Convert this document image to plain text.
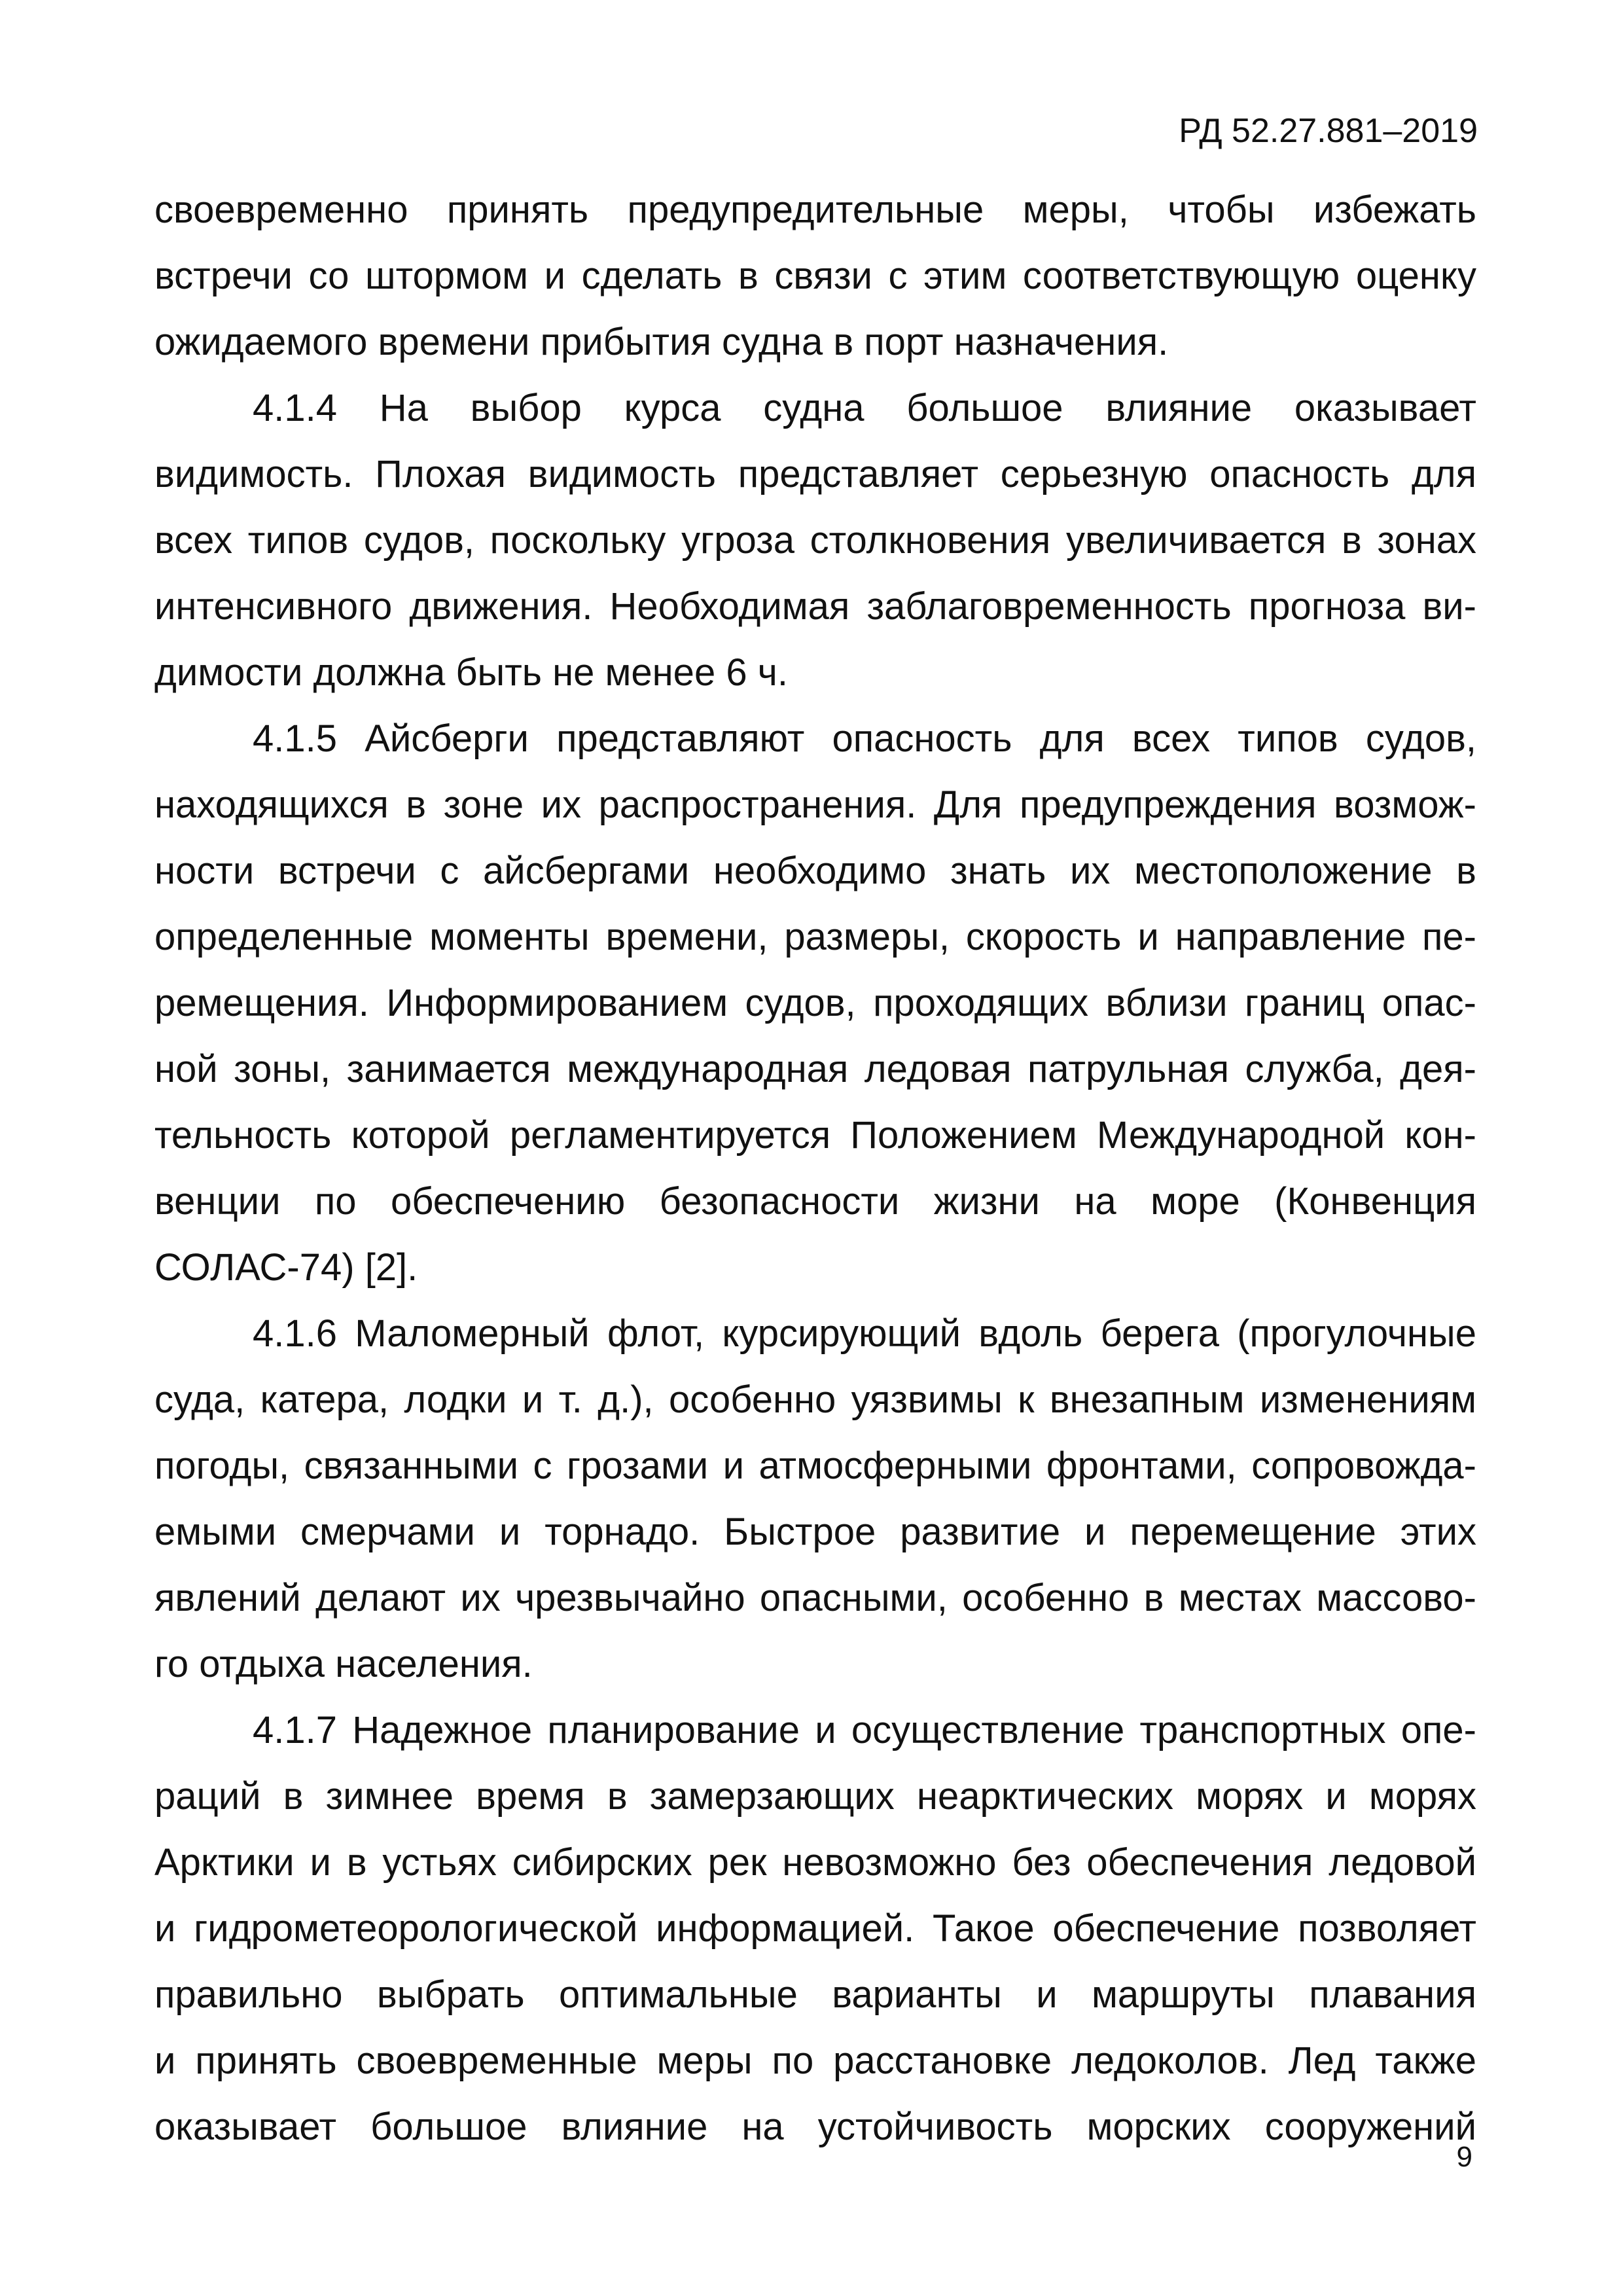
РД 52.27.881–2019
своевременно принять предупредительные меры, чтобы избежать
встречи со штормом и сделать в связи с этим соответствующую оценку
ожидаемого времени прибытия судна в порт назначения.
4.1.4 На выбор курса судна большое влияние оказывает
видимость. Плохая видимость представляет серьезную опасность для
всех типов судов, поскольку угроза столкновения увеличивается в зонах
интенсивного движения. Необходимая заблаговременность прогноза ви-
димости должна быть не менее 6 ч.
4.1.5 Айсберги представляют опасность для всех типов судов,
находящихся в зоне их распространения. Для предупреждения возмож-
ности встречи с айсбергами необходимо знать их местоположение в
определенные моменты времени, размеры, скорость и направление пе-
ремещения. Информированием судов, проходящих вблизи границ опас-
ной зоны, занимается международная ледовая патрульная служба, дея-
тельность которой регламентируется Положением Международной кон-
венции по обеспечению безопасности жизни на море (Конвенция
СОЛАС-74) [2].
4.1.6 Маломерный флот, курсирующий вдоль берега (прогулочные
суда, катера, лодки и т. д.), особенно уязвимы к внезапным изменениям
погоды, связанными с грозами и атмосферными фронтами, сопровожда-
емыми смерчами и торнадо. Быстрое развитие и перемещение этих
явлений делают их чрезвычайно опасными, особенно в местах массово-
го отдыха населения.
4.1.7 Надежное планирование и осуществление транспортных опе-
раций в зимнее время в замерзающих неарктических морях и морях
Арктики и в устьях сибирских рек невозможно без обеспечения ледовой
и гидрометеорологической информацией. Такое обеспечение позволяет
правильно выбрать оптимальные варианты и маршруты плавания
и принять своевременные меры по расстановке ледоколов. Лед также
оказывает большое влияние на устойчивость морских сооружений
9
